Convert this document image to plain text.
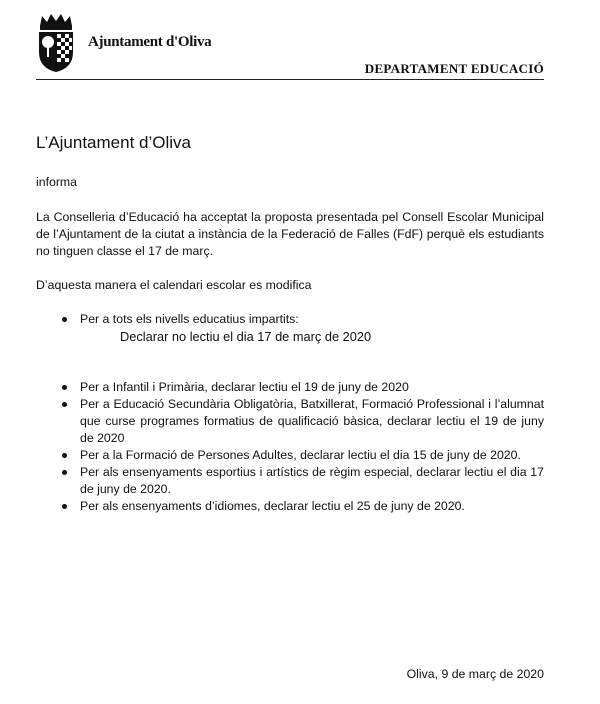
Ajuntament d'Oliva
DEPARTAMENT EDUCACIÓ
L’Ajuntament d’Oliva

informa

La Conselleria d’Educació ha acceptat la proposta presentada pel Consell Escolar Municipal de l’Ajuntament de la ciutat a instància de la Federació de Falles (FdF) perquè els estudiants no tinguen classe el 17 de març.

D’aquesta manera el calendari escolar es modifica

Per a tots els nivells educatius impartits:
Declarar no lectiu el dia 17 de març de 2020
Per a Infantil i Primària, declarar lectiu el 19 de juny de 2020
Per a Educació Secundària Obligatòria, Batxillerat, Formació Professional i l’alumnat que curse programes formatius de qualificació bàsica, declarar lectiu el 19 de juny de 2020
Per a la Formació de Persones Adultes, declarar lectiu el dia 15 de juny de 2020.
Per als ensenyaments esportius i artístics de règim especial, declarar lectiu el dia 17 de juny de 2020.
Per als ensenyaments d’idiomes, declarar lectiu el 25 de juny de 2020.
Oliva, 9 de març de 2020
